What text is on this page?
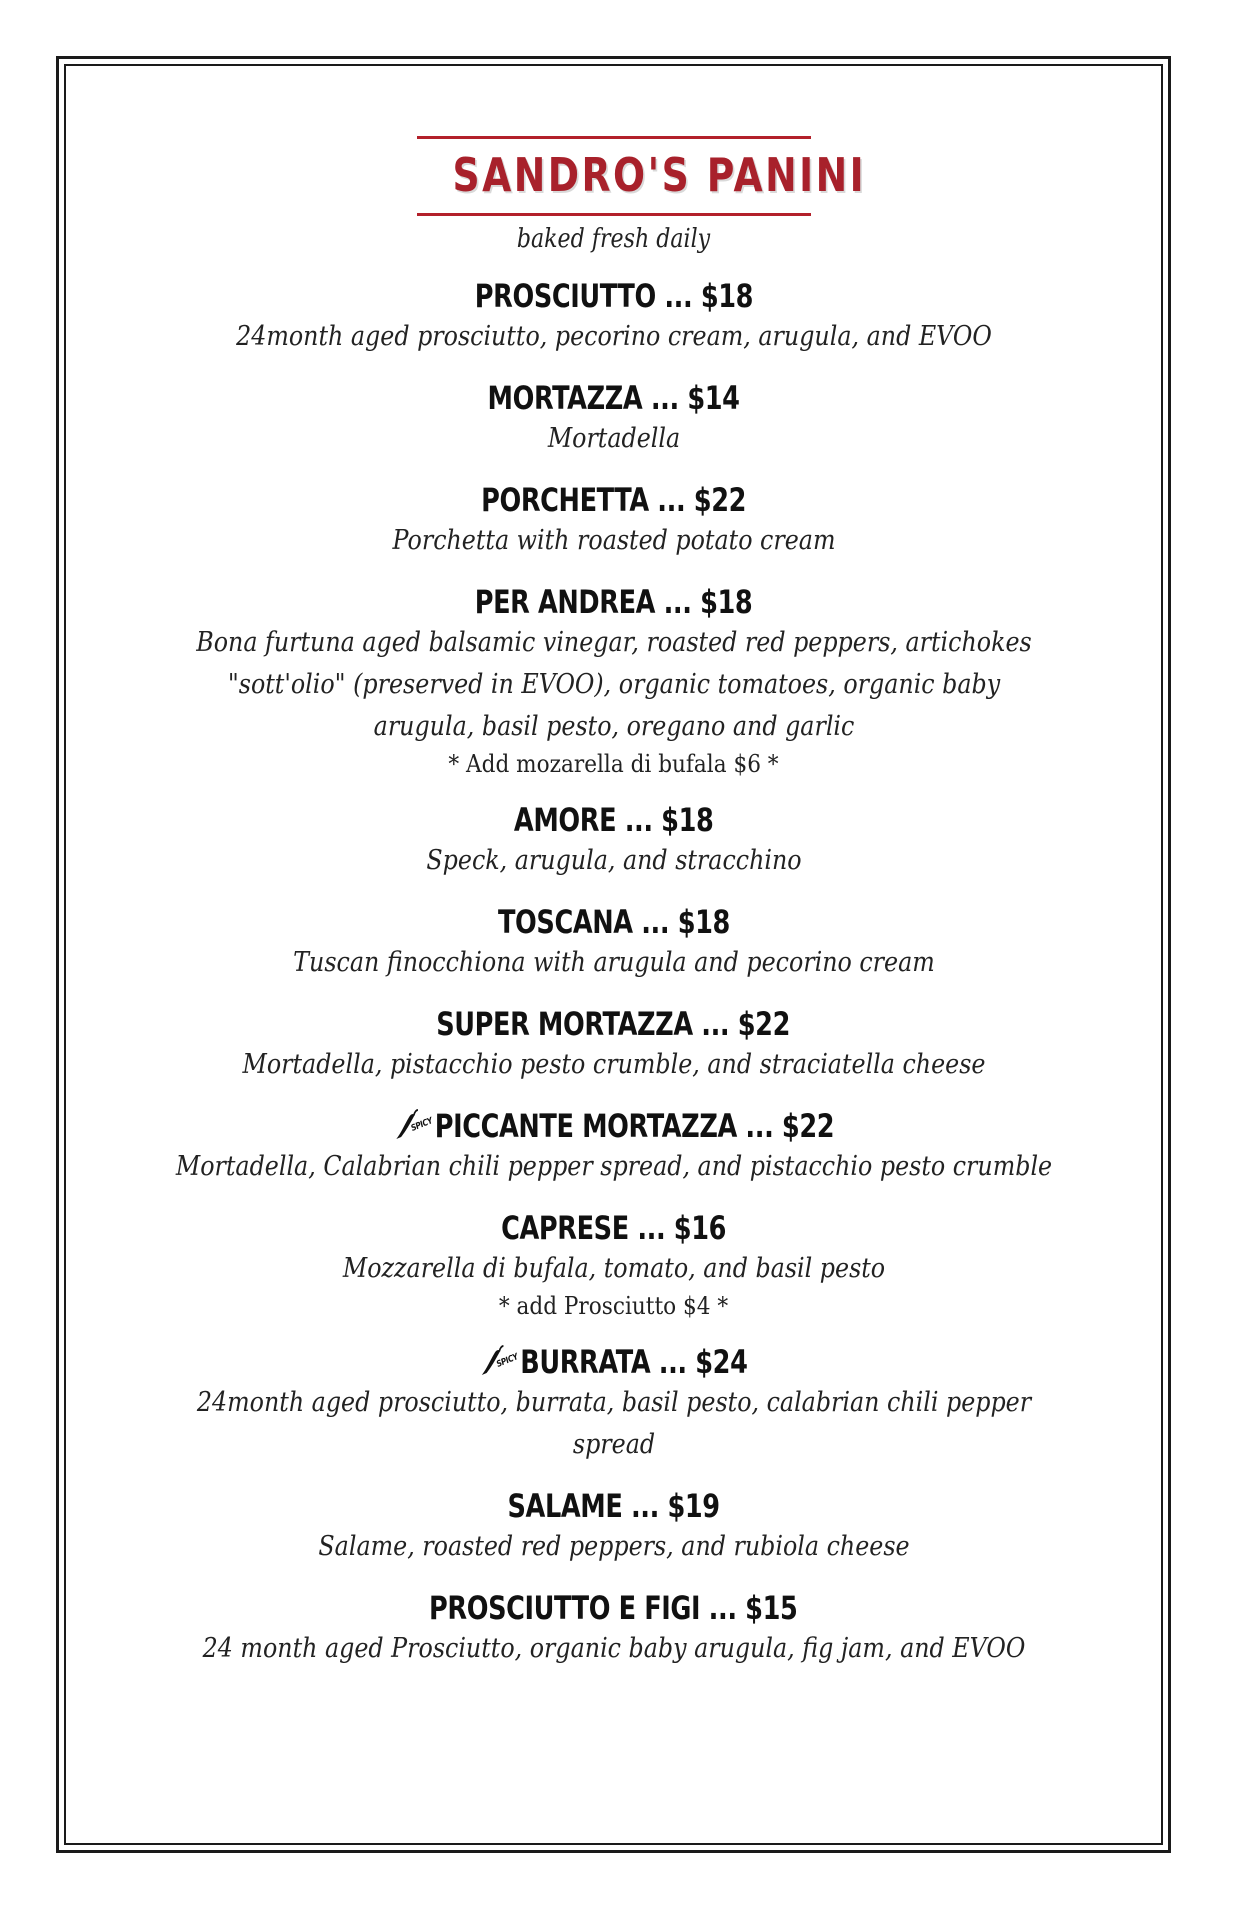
SANDRO'S PANINI
baked fresh daily
PROSCIUTTO ... $18
24month aged prosciutto, pecorino cream, arugula, and EVOO
MORTAZZA ... $14
Mortadella
PORCHETTA ... $22
Porchetta with roasted potato cream
PER ANDREA ... $18
Bona furtuna aged balsamic vinegar, roasted red peppers, artichokes "sott'olio" (preserved in EVOO), organic tomatoes, organic baby arugula, basil pesto, oregano and garlic
* Add mozarella di bufala $6 *
AMORE ... $18
Speck, arugula, and stracchino
TOSCANA ... $18
Tuscan finocchiona with arugula and pecorino cream
SUPER MORTAZZA ... $22
Mortadella, pistacchio pesto crumble, and straciatella cheese
SPICY PICCANTE MORTAZZA ... $22
Mortadella, Calabrian chili pepper spread, and pistacchio pesto crumble
CAPRESE ... $16
Mozzarella di bufala, tomato, and basil pesto
* add Prosciutto $4 *
SPICY BURRATA ... $24
24month aged prosciutto, burrata, basil pesto, calabrian chili pepper spread
SALAME ... $19
Salame, roasted red peppers, and rubiola cheese
PROSCIUTTO E FIGI ... $15
24 month aged Prosciutto, organic baby arugula, fig jam, and EVOO
